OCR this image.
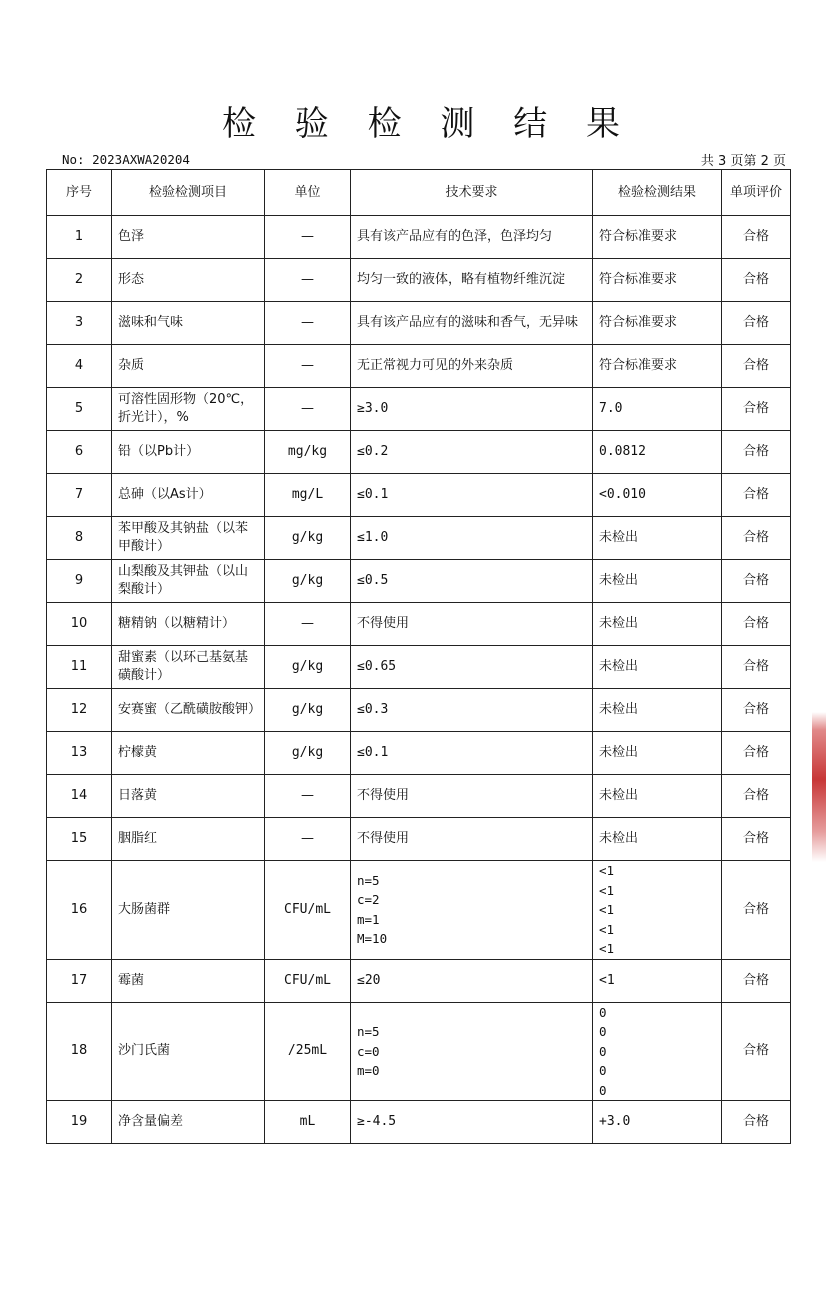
检 验 检 测 结 果
No: 2023AXWA20204	共 3 页第 2 页
序号	检验检测项目	单位	技术要求	检验检测结果	单项评价
1	色泽	—	具有该产品应有的色泽，色泽均匀	符合标准要求	合格
2	形态	—	均匀一致的液体，略有植物纤维沉淀	符合标准要求	合格
3	滋味和气味	—	具有该产品应有的滋味和香气，无异味	符合标准要求	合格
4	杂质	—	无正常视力可见的外来杂质	符合标准要求	合格
5	可溶性固形物（20℃，折光计），%	—	≥3.0	7.0	合格
6	铅（以Pb计）	mg/kg	≤0.2	0.0812	合格
7	总砷（以As计）	mg/L	≤0.1	<0.010	合格
8	苯甲酸及其钠盐（以苯甲酸计）	g/kg	≤1.0	未检出	合格
9	山梨酸及其钾盐（以山梨酸计）	g/kg	≤0.5	未检出	合格
10	糖精钠（以糖精计）	—	不得使用	未检出	合格
11	甜蜜素（以环己基氨基磺酸计）	g/kg	≤0.65	未检出	合格
12	安赛蜜（乙酰磺胺酸钾）	g/kg	≤0.3	未检出	合格
13	柠檬黄	g/kg	≤0.1	未检出	合格
14	日落黄	—	不得使用	未检出	合格
15	胭脂红	—	不得使用	未检出	合格
16	大肠菌群	CFU/mL	n=5
c=2
m=1
M=10	<1
<1
<1
<1
<1	合格
17	霉菌	CFU/mL	≤20	<1	合格
18	沙门氏菌	/25mL	n=5
c=0
m=0	0
0
0
0
0	合格
19	净含量偏差	mL	≥-4.5	+3.0	合格
